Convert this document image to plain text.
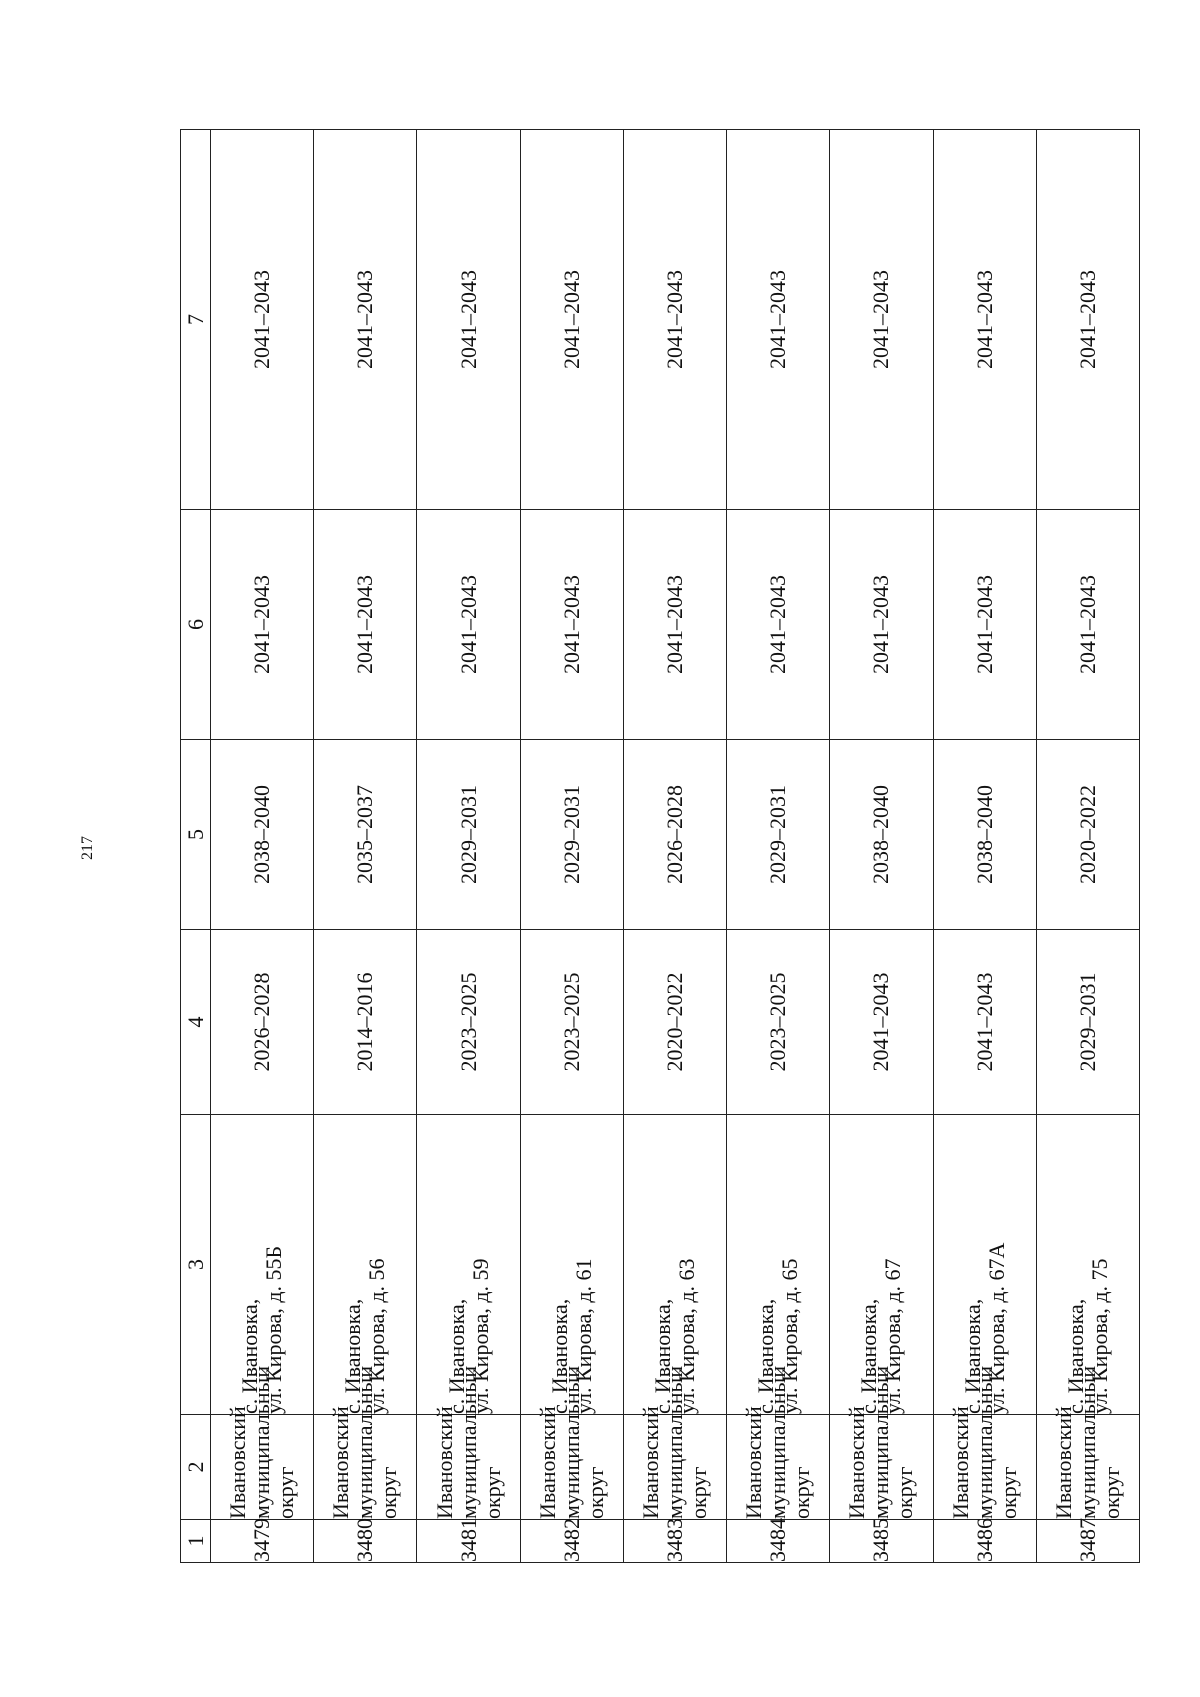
217
1	2	3	4	5	6	7
3479	Ивановский муниципальный округ	с. Ивановка, ул. Кирова, д. 55Б	2026–2028	2038–2040	2041–2043	2041–2043
3480	Ивановский муниципальный округ	с. Ивановка, ул. Кирова, д. 56	2014–2016	2035–2037	2041–2043	2041–2043
3481	Ивановский муниципальный округ	с. Ивановка, ул. Кирова, д. 59	2023–2025	2029–2031	2041–2043	2041–2043
3482	Ивановский муниципальный округ	с. Ивановка, ул. Кирова, д. 61	2023–2025	2029–2031	2041–2043	2041–2043
3483	Ивановский муниципальный округ	с. Ивановка, ул. Кирова, д. 63	2020–2022	2026–2028	2041–2043	2041–2043
3484	Ивановский муниципальный округ	с. Ивановка, ул. Кирова, д. 65	2023–2025	2029–2031	2041–2043	2041–2043
3485	Ивановский муниципальный округ	с. Ивановка, ул. Кирова, д. 67	2041–2043	2038–2040	2041–2043	2041–2043
3486	Ивановский муниципальный округ	с. Ивановка, ул. Кирова, д. 67А	2041–2043	2038–2040	2041–2043	2041–2043
3487	Ивановский муниципальный округ	с. Ивановка, ул. Кирова, д. 75	2029–2031	2020–2022	2041–2043	2041–2043
